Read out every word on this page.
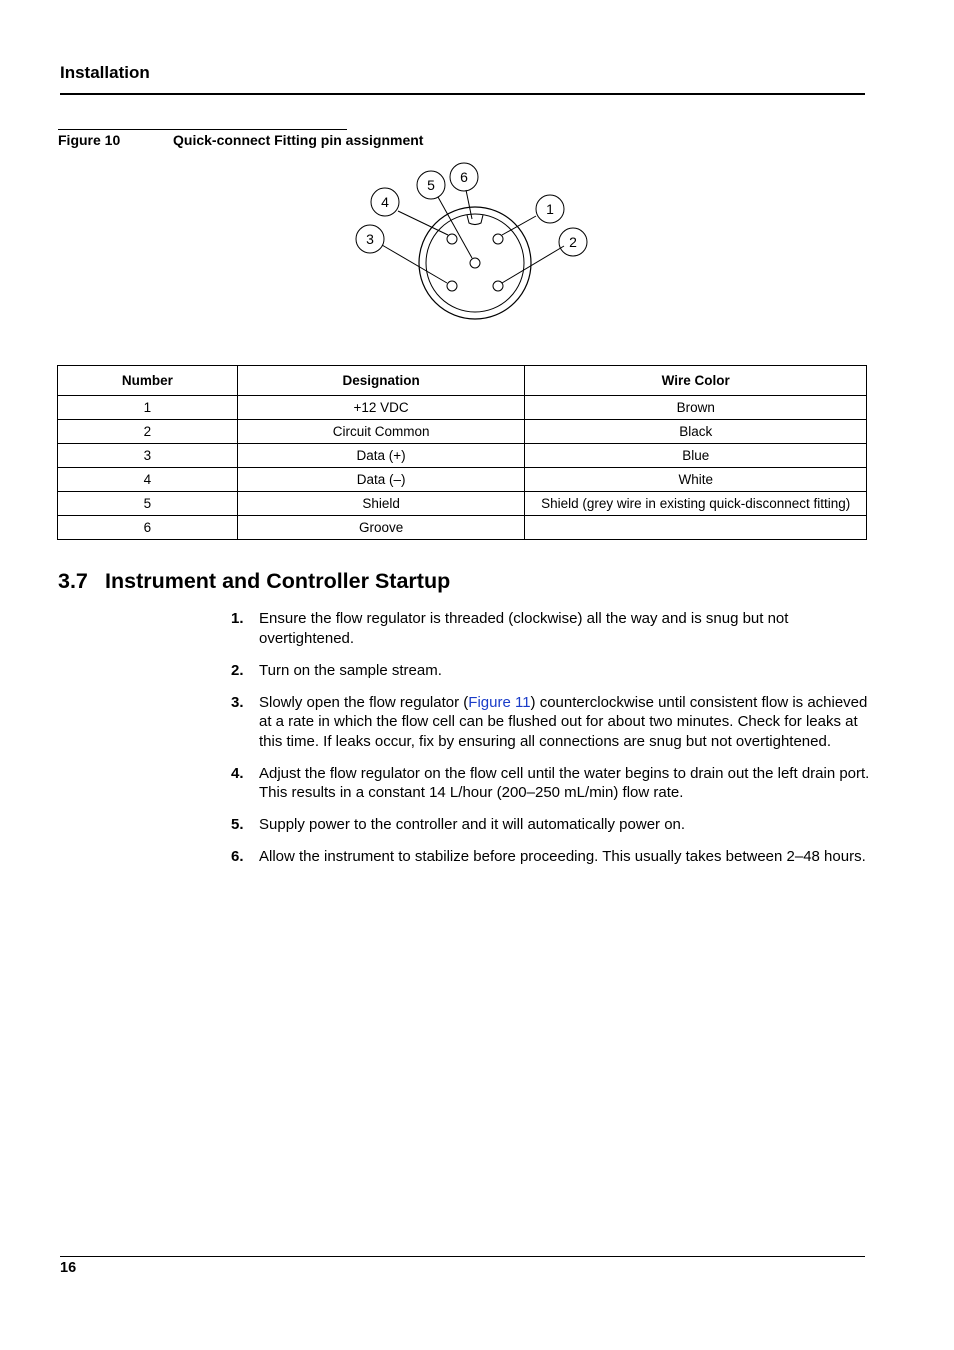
Installation
Figure 10	Quick-connect Fitting pin assignment
1
2
3
4
5 6
Number	Designation	Wire Color
1	+12 VDC	Brown
2	Circuit Common	Black
3	Data (+)	Blue
4	Data (–)	White
5	Shield	Shield (grey wire in existing quick-disconnect fitting)
6	Groove	
3.7 Instrument and Controller Startup
1. Ensure the flow regulator is threaded (clockwise) all the way and is snug but not overtightened.
2. Turn on the sample stream.
3. Slowly open the flow regulator (Figure 11) counterclockwise until consistent flow is achieved at a rate in which the flow cell can be flushed out for about two minutes. Check for leaks at this time. If leaks occur, fix by ensuring all connections are snug but not overtightened.
4. Adjust the flow regulator on the flow cell until the water begins to drain out the left drain port. This results in a constant 14 L/hour (200–250 mL/min) flow rate.
5. Supply power to the controller and it will automatically power on.
6. Allow the instrument to stabilize before proceeding. This usually takes between 2–48 hours.
16
